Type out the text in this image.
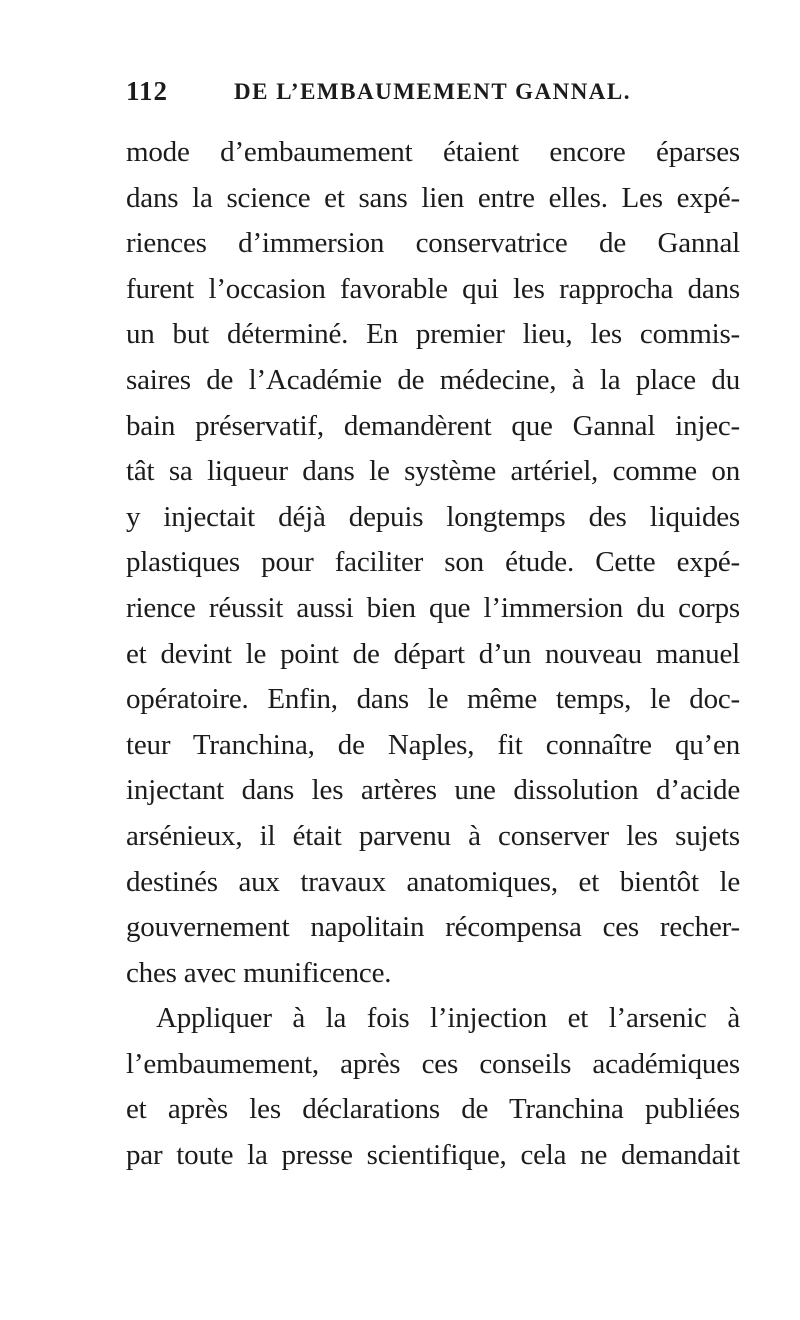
112	DE L’EMBAUMEMENT GANNAL.
mode d’embaumement étaient encore éparses
dans la science et sans lien entre elles. Les expé-
riences d’immersion conservatrice de Gannal
furent l’occasion favorable qui les rapprocha dans
un but déterminé. En premier lieu, les commis-
saires de l’Académie de médecine, à la place du
bain préservatif, demandèrent que Gannal injec-
tât sa liqueur dans le système artériel, comme on
y injectait déjà depuis longtemps des liquides
plastiques pour faciliter son étude. Cette expé-
rience réussit aussi bien que l’immersion du corps
et devint le point de départ d’un nouveau manuel
opératoire. Enfin, dans le même temps, le doc-
teur Tranchina, de Naples, fit connaître qu’en
injectant dans les artères une dissolution d’acide
arsénieux, il était parvenu à conserver les sujets
destinés aux travaux anatomiques, et bientôt le
gouvernement napolitain récompensa ces recher-
ches avec munificence.
Appliquer à la fois l’injection et l’arsenic à
l’embaumement, après ces conseils académiques
et après les déclarations de Tranchina publiées
par toute la presse scientifique, cela ne demandait
